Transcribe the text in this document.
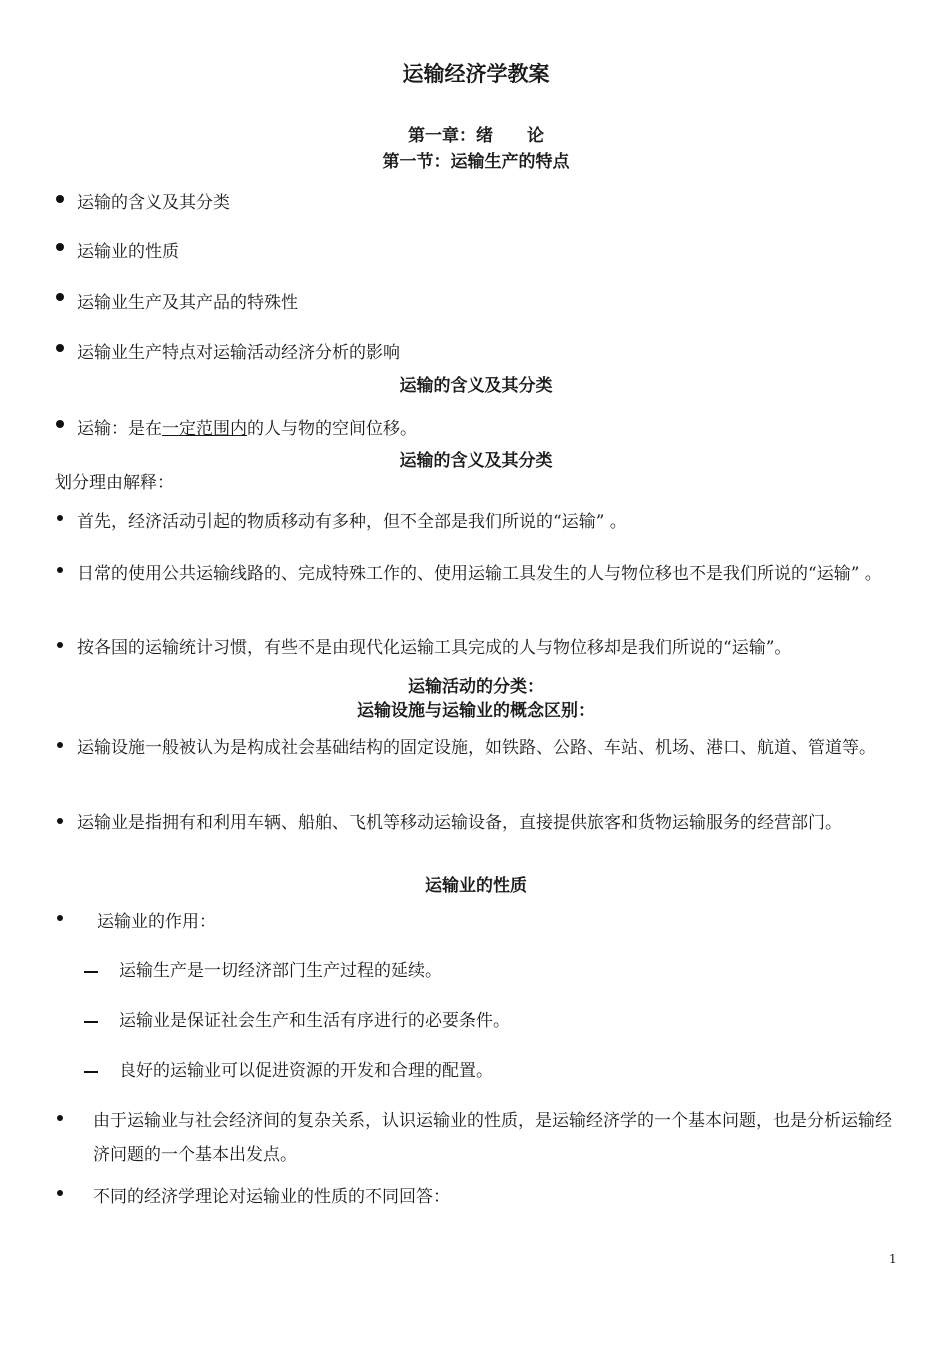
运输经济学教案
第一章：绪　　论
第一节：运输生产的特点
运输的含义及其分类
运输业的性质
运输业生产及其产品的特殊性
运输业生产特点对运输活动经济分析的影响
运输的含义及其分类
运输：是在一定范围内的人与物的空间位移。
运输的含义及其分类
划分理由解释：
首先，经济活动引起的物质移动有多种，但不全部是我们所说的“运输” 。
日常的使用公共运输线路的、完成特殊工作的、使用运输工具发生的人与物位移也不是我们所说的“运输” 。
按各国的运输统计习惯，有些不是由现代化运输工具完成的人与物位移却是我们所说的“运输”。
运输活动的分类：
运输设施与运输业的概念区别：
运输设施一般被认为是构成社会基础结构的固定设施，如铁路、公路、车站、机场、港口、航道、管道等。
运输业是指拥有和利用车辆、船舶、飞机等移动运输设备，直接提供旅客和货物运输服务的经营部门。
运输业的性质
运输业的作用：
运输生产是一切经济部门生产过程的延续。
运输业是保证社会生产和生活有序进行的必要条件。
良好的运输业可以促进资源的开发和合理的配置。
由于运输业与社会经济间的复杂关系，认识运输业的性质，是运输经济学的一个基本问题，也是分析运输经济问题的一个基本出发点。
不同的经济学理论对运输业的性质的不同回答：
1
